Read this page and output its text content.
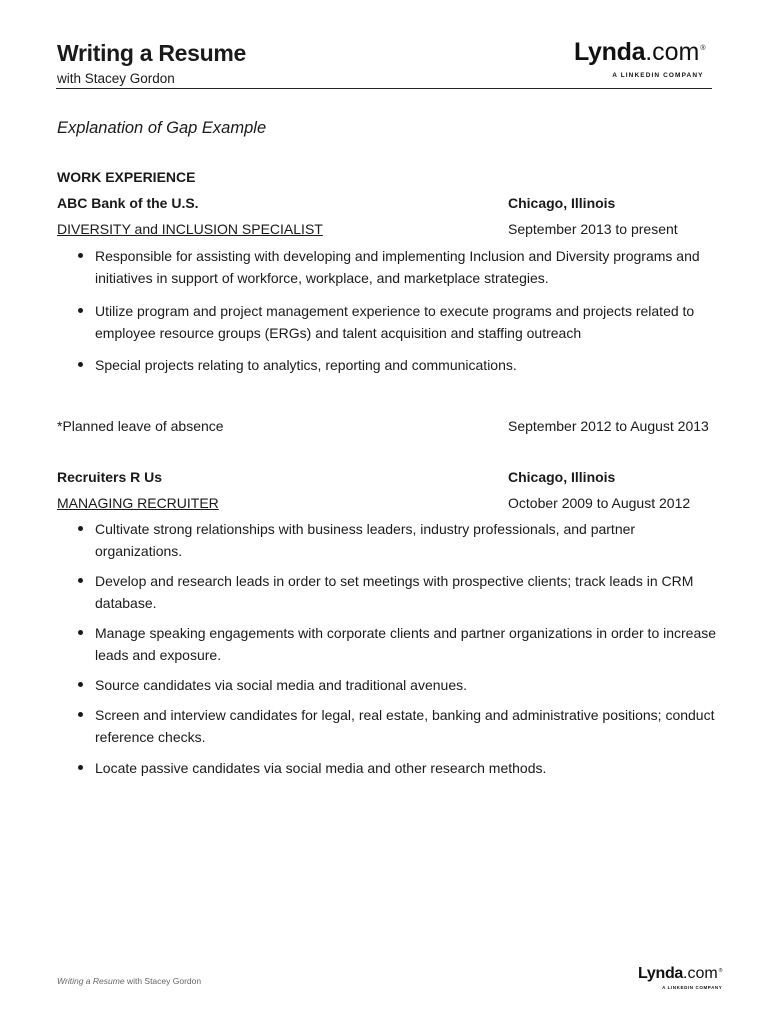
Writing a Resume
with Stacey Gordon
Lynda.com®
A LINKEDIN COMPANY
Explanation of Gap Example
WORK EXPERIENCE
ABC Bank of the U.S.	Chicago, Illinois
DIVERSITY and INCLUSION SPECIALIST	September 2013 to present
Responsible for assisting with developing and implementing Inclusion and Diversity programs and initiatives in support of workforce, workplace, and marketplace strategies.
Utilize program and project management experience to execute programs and projects related to employee resource groups (ERGs) and talent acquisition and staffing outreach
Special projects relating to analytics, reporting and communications.
*Planned leave of absence	September 2012 to August 2013
Recruiters R Us	Chicago, Illinois
MANAGING RECRUITER	October 2009 to August 2012
Cultivate strong relationships with business leaders, industry professionals, and partner organizations.
Develop and research leads in order to set meetings with prospective clients; track leads in CRM database.
Manage speaking engagements with corporate clients and partner organizations in order to increase leads and exposure.
Source candidates via social media and traditional avenues.
Screen and interview candidates for legal, real estate, banking and administrative positions; conduct reference checks.
Locate passive candidates via social media and other research methods.
Writing a Resume with Stacey Gordon	Lynda.com®
A LINKEDIN COMPANY
